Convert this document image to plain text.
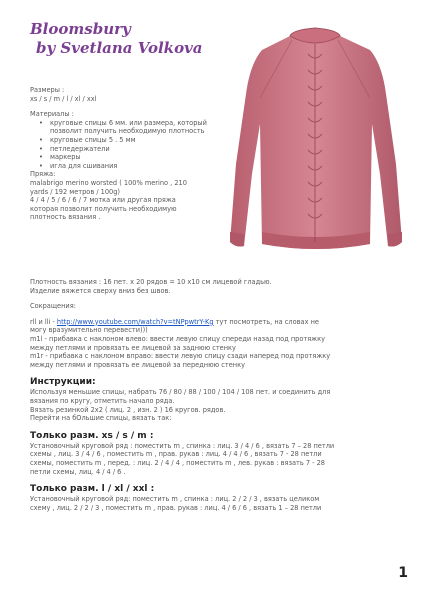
Bloomsbury
by Svetlana Volkova

Размеры :

xs / s / m / l / xl / xxl

Материалы :

• круговые спицы 6 мм. или размера, который позволит получить необходимую плотность
• круговые спицы 5 . 5 мм
• петледержатели
• маркеры
• игла для сшивания

Пряжа:

malabrigo merino worsted ( 100% merino , 210

yards / 192 метров / 100g)

4 / 4 / 5 / 6 / 6 / 7 мотка или другая пряжа

которая позволит получить необходимую

плотность вязания .

Плотность вязания : 16 пет. х 20 рядов = 10 х10 см лицевой гладью.

Изделие вяжется сверху вниз без швов.

Сокращения:

rll и lli - http://www.youtube.com/watch?v=tNPpwtrY-Kg тут посмотреть, на словах не

могу вразумительно перевести)))

m1l - прибавка с наклоном влево: ввести левую спицу спереди назад под протяжку

между петлями и провязать ее лицевой за заднюю стенку

m1r - прибавка с наклоном вправо: ввести левую спицу сзади наперед под протяжку

между петлями и провязать ее лицевой за переднюю стенку

Инструкции:

Используя меньшие спицы, набрать 76 / 80 / 88 / 100 / 104 / 108 пет. и соединить для

вязания по кругу, отметить начало ряда.

Вязать резинкой 2х2 ( лиц. 2 , изн. 2 ) 16 кругов. рядов.

Перейти на бОльшие спицы, вязать так:

Только разм. xs / s / m :

Установочный круговой ряд : поместить m , спинка : лиц. 3 / 4 / 6 , вязать 7 – 28 петли

схемы , лиц. 3 / 4 / 6 , поместить m , прав. рукав : лиц. 4 / 4 / 6 , вязать 7 - 28 петли

схемы, поместить m , перед. : лиц. 2 / 4 / 4 , поместить m , лев. рукав : вязать 7 - 28

петли схемы, лиц. 4 / 4 / 6 .

Только разм. l / xl / xxl :

Установочный круговой ряд: поместить m , спинка : лиц. 2 / 2 / 3 , вязать целиком

схему , лиц. 2 / 2 / 3 , поместить m , прав. рукав : лиц. 4 / 6 / 6 , вязать 1 – 28 петли

1
